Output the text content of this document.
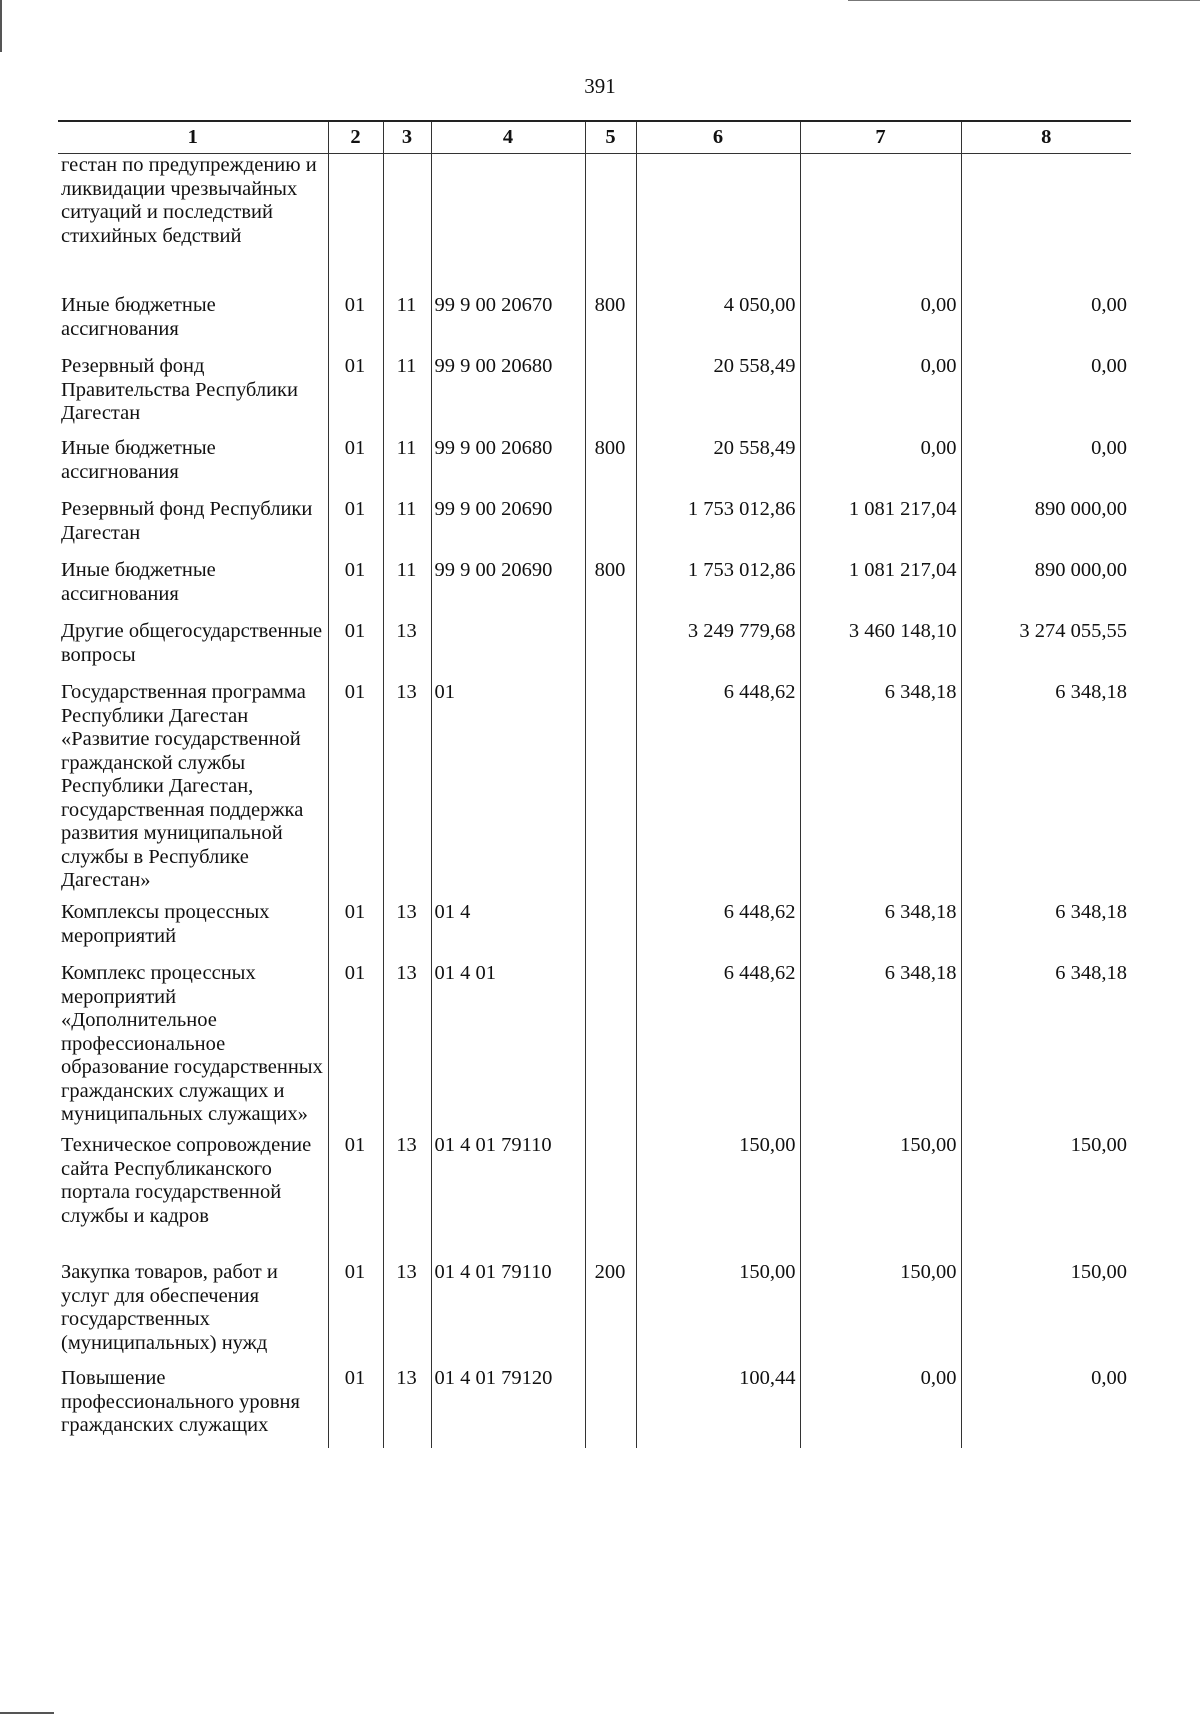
391
1	2	3	4	5	6	7	8
гестан по предупреждению и ликвидации чрезвычайных ситуаций и последствий стихийных бедствий							
Иные бюджетные ассигнования	01	11	99 9 00 20670	800	4 050,00	0,00	0,00
Резервный фонд Правительства Республики Дагестан	01	11	99 9 00 20680		20 558,49	0,00	0,00
Иные бюджетные ассигнования	01	11	99 9 00 20680	800	20 558,49	0,00	0,00
Резервный фонд Республики Дагестан	01	11	99 9 00 20690		1 753 012,86	1 081 217,04	890 000,00
Иные бюджетные ассигнования	01	11	99 9 00 20690	800	1 753 012,86	1 081 217,04	890 000,00
Другие общегосударственные вопросы	01	13			3 249 779,68	3 460 148,10	3 274 055,55
Государственная программа Республики Дагестан «Развитие государственной гражданской службы Республики Дагестан, государственная поддержка развития муниципальной службы в Республике Дагестан»	01	13	01		6 448,62	6 348,18	6 348,18
Комплексы процессных мероприятий	01	13	01 4		6 448,62	6 348,18	6 348,18
Комплекс процессных мероприятий «Дополнительное профессиональное образование государственных гражданских служащих и муниципальных служащих»	01	13	01 4 01		6 448,62	6 348,18	6 348,18
Техническое сопровождение сайта Республиканского портала государственной службы и кадров	01	13	01 4 01 79110		150,00	150,00	150,00
Закупка товаров, работ и услуг для обеспечения государственных (муниципальных) нужд	01	13	01 4 01 79110	200	150,00	150,00	150,00
Повышение профессионального уровня гражданских служащих	01	13	01 4 01 79120		100,44	0,00	0,00
